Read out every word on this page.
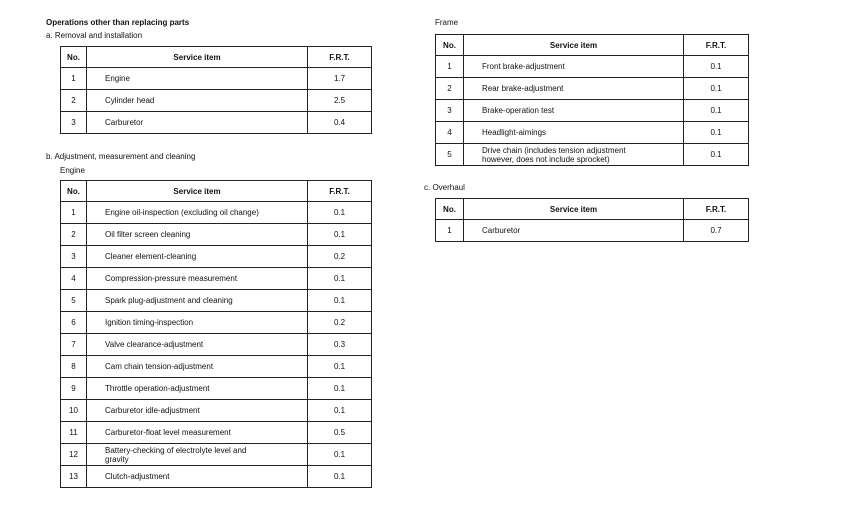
Operations other than replacing parts
a. Removal and installation
No.	Service item	F.R.T.
1	Engine	1.7
2	Cylinder head	2.5
3	Carburetor	0.4
b. Adjustment, measurement and cleaning
Engine
No.	Service item	F.R.T.
1	Engine oil-inspection (excluding oil change)	0.1
2	Oil filter screen cleaning	0.1
3	Cleaner element-cleaning	0.2
4	Compression-pressure measurement	0.1
5	Spark plug-adjustment and cleaning	0.1
6	Ignition timing-inspection	0.2
7	Valve clearance-adjustment	0.3
8	Cam chain tension-adjustment	0.1
9	Throttle operation-adjustment	0.1
10	Carburetor idle-adjustment	0.1
11	Carburetor-float level measurement	0.5
12	Battery-checking of electrolyte level and gravity	0.1
13	Clutch-adjustment	0.1
Frame
No.	Service item	F.R.T.
1	Front brake-adjustment	0.1
2	Rear brake-adjustment	0.1
3	Brake-operation test	0.1
4	Headlight-aimings	0.1
5	Drive chain (includes tension adjustment however, does not include sprocket)	0.1
c. Overhaul
No.	Service item	F.R.T.
1	Carburetor	0.7
